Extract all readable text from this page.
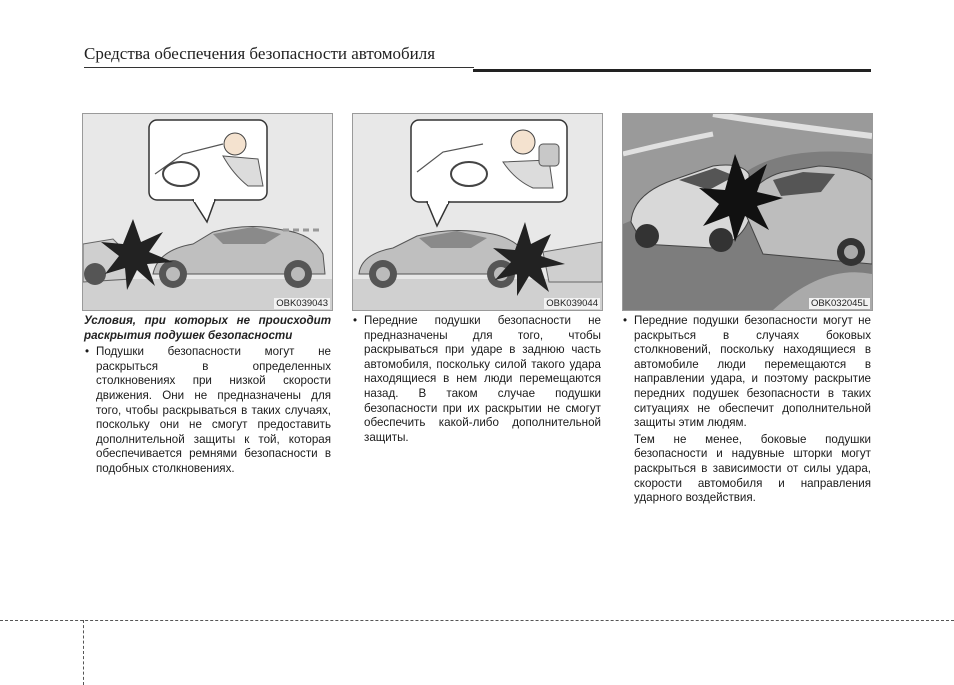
Средства обеспечения безопасности автомобиля
OBK039043	OBK039044	OBK032045L
Условия, при которых не происходит раскрытия подушек безопасности
• Подушки безопасности могут не раскрыться в определенных столкновениях при низкой скорости движения. Они не предназначены для того, чтобы раскрываться в таких случаях, поскольку они не смогут предоставить дополнительной защиты к той, которая обеспечивается ремнями безопасности в подобных столкновениях.
• Передние подушки безопасности не предназначены для того, чтобы раскрываться при ударе в заднюю часть автомобиля, поскольку силой такого удара находящиеся в нем люди перемещаются назад. В таком случае подушки безопасности при их раскрытии не смогут обеспечить какой-либо дополнительной защиты.
• Передние подушки безопасности могут не раскрыться в случаях боковых столкновений, поскольку находящиеся в автомобиле люди перемещаются в направлении удара, и поэтому раскрытие передних подушек безопасности в таких ситуациях не обеспечит дополнительной защиты этим людям.
Тем не менее, боковые подушки безопасности и надувные шторки могут раскрыться в зависимости от силы удара, скорости автомобиля и направления ударного воздействия.
